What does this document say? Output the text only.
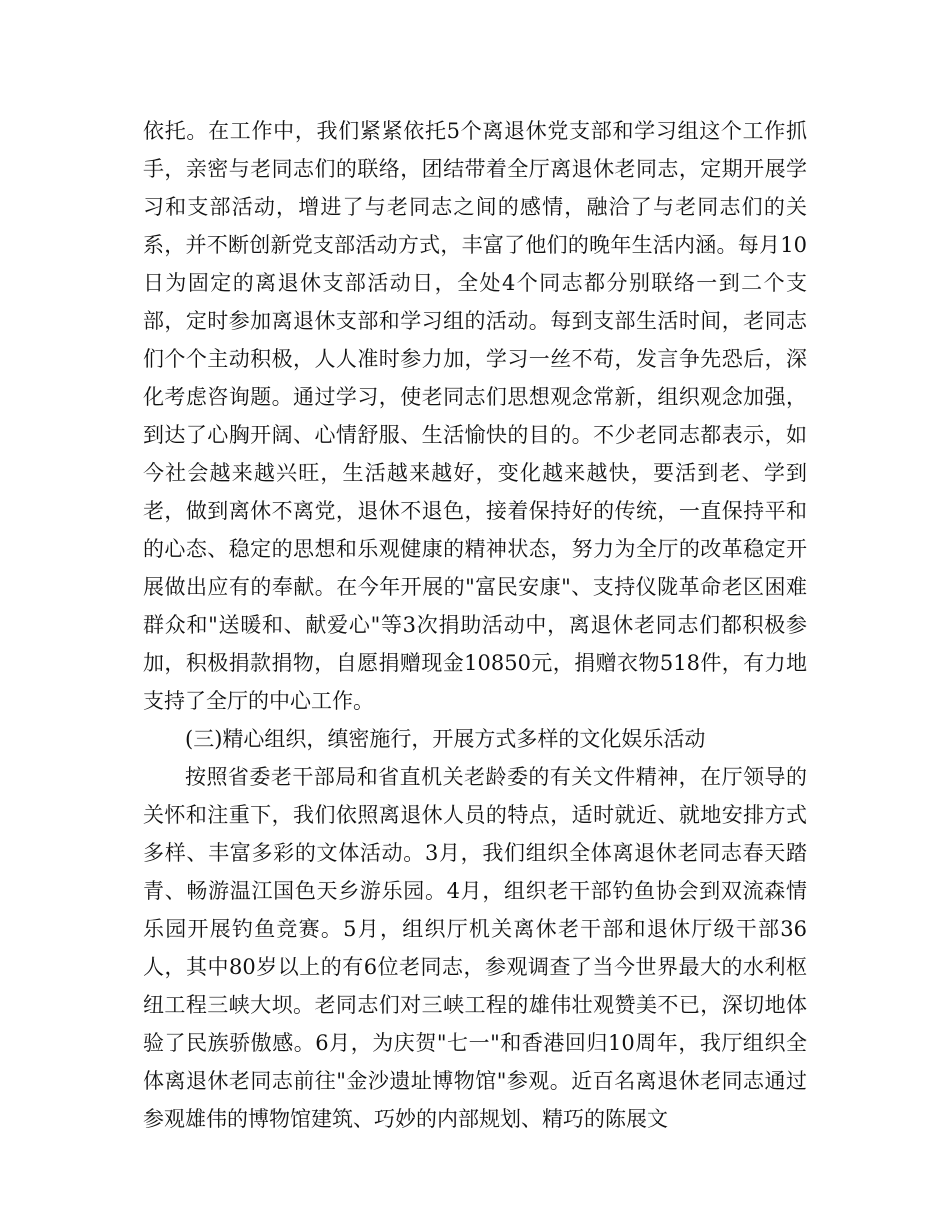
依托。在工作中，我们紧紧依托5个离退休党支部和学习组这个工作抓手，亲密与老同志们的联络，团结带着全厅离退休老同志，定期开展学习和支部活动，增进了与老同志之间的感情，融洽了与老同志们的关系，并不断创新党支部活动方式，丰富了他们的晚年生活内涵。每月10日为固定的离退休支部活动日，全处4个同志都分别联络一到二个支部，定时参加离退休支部和学习组的活动。每到支部生活时间，老同志们个个主动积极，人人准时参力加，学习一丝不苟，发言争先恐后，深化考虑咨询题。通过学习，使老同志们思想观念常新，组织观念加强，到达了心胸开阔、心情舒服、生活愉快的目的。不少老同志都表示，如今社会越来越兴旺，生活越来越好，变化越来越快，要活到老、学到老，做到离休不离党，退休不退色，接着保持好的传统，一直保持平和的心态、稳定的思想和乐观健康的精神状态，努力为全厅的改革稳定开展做出应有的奉献。在今年开展的"富民安康"、支持仪陇革命老区困难群众和"送暖和、献爱心"等3次捐助活动中，离退休老同志们都积极参加，积极捐款捐物，自愿捐赠现金10850元，捐赠衣物518件，有力地支持了全厅的中心工作。

(三)精心组织，缜密施行，开展方式多样的文化娱乐活动

按照省委老干部局和省直机关老龄委的有关文件精神，在厅领导的关怀和注重下，我们依照离退休人员的特点，适时就近、就地安排方式多样、丰富多彩的文体活动。3月，我们组织全体离退休老同志春天踏青、畅游温江国色天乡游乐园。4月，组织老干部钓鱼协会到双流森情乐园开展钓鱼竞赛。5月，组织厅机关离休老干部和退休厅级干部36人，其中80岁以上的有6位老同志，参观调查了当今世界最大的水利枢纽工程三峡大坝。老同志们对三峡工程的雄伟壮观赞美不已，深切地体验了民族骄傲感。6月，为庆贺"七一"和香港回归10周年，我厅组织全体离退休老同志前往"金沙遗址博物馆"参观。近百名离退休老同志通过参观雄伟的博物馆建筑、巧妙的内部规划、精巧的陈展文
